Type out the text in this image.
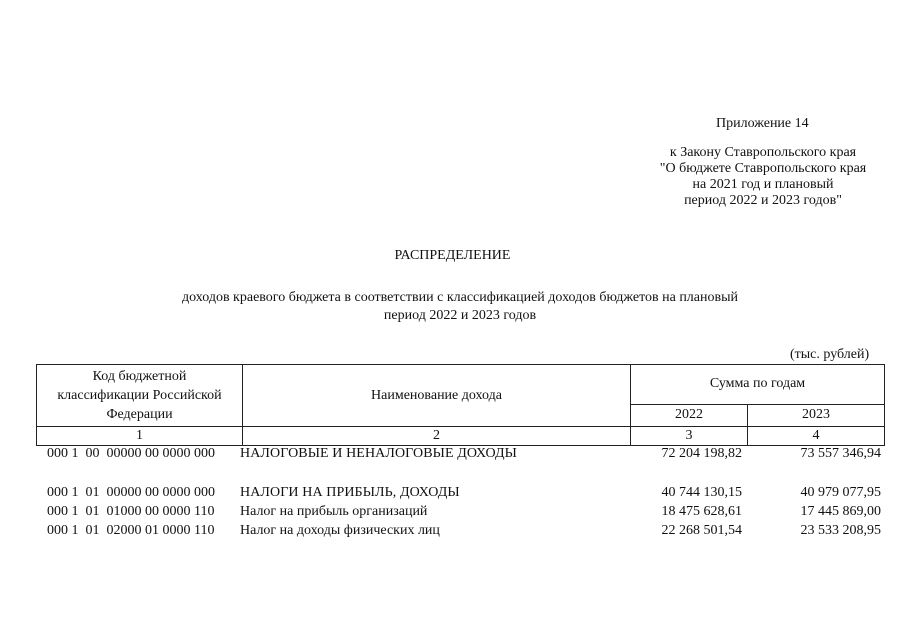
Приложение 14
к Закону Ставропольского края
"О бюджете Ставропольского края
на 2021 год и плановый
период 2022 и 2023 годов"
РАСПРЕДЕЛЕНИЕ
доходов краевого бюджета в соответствии с классификацией доходов бюджетов на плановый
период 2022 и 2023 годов
(тыс. рублей)
Код бюджетной
классификации Российской
Федерации	Наименование дохода	Сумма по годам	
		2022	2023
1	2	3	4
000 1  00  00000 00 0000 000 НАЛОГОВЫЕ И НЕНАЛОГОВЫЕ ДОХОДЫ	72 204 198,82	73 557 346,94
000 1  01  00000 00 0000 000 НАЛОГИ НА ПРИБЫЛЬ, ДОХОДЫ	40 744 130,15	40 979 077,95
000 1  01  01000 00 0000 110 Налог на прибыль организаций	18 475 628,61	17 445 869,00
000 1  01  02000 01 0000 110 Налог на доходы физических лиц	22 268 501,54	23 533 208,95
